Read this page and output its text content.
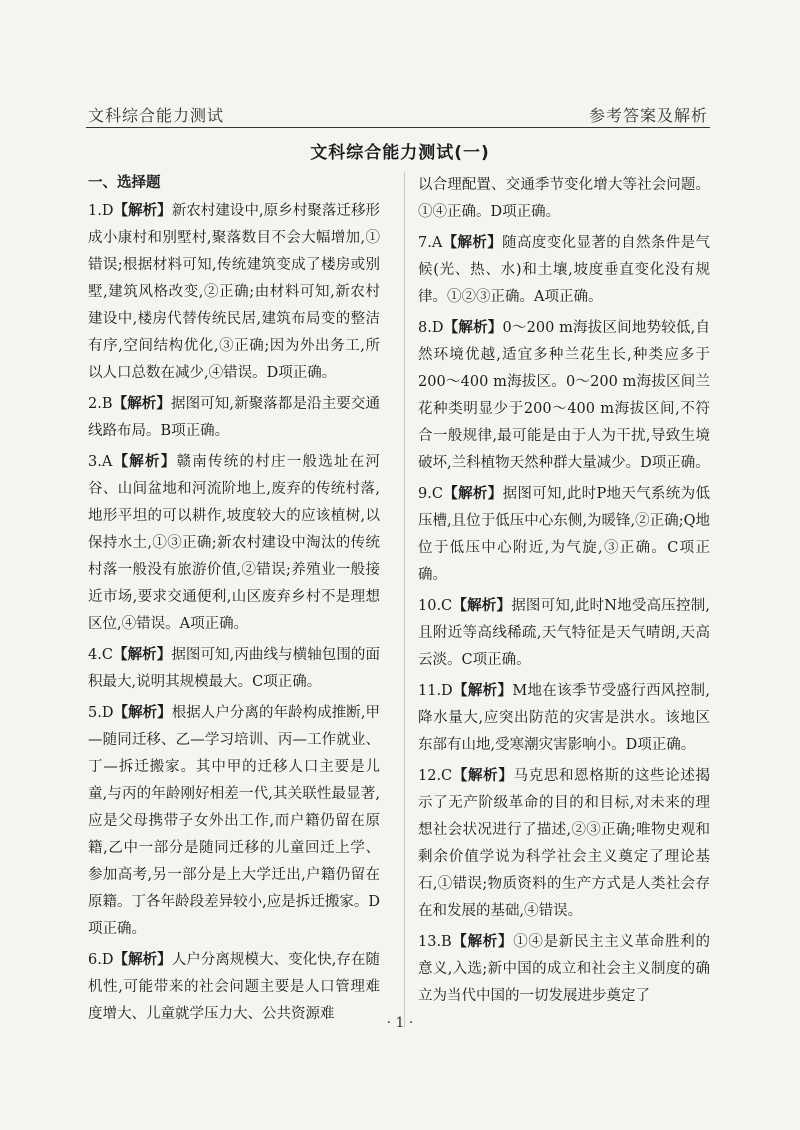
文科综合能力测试	参考答案及解析
文科综合能力测试(一)
一、选择题
1.D【解析】新农村建设中,原乡村聚落迁移形成小康村和别墅村,聚落数目不会大幅增加,①错误;根据材料可知,传统建筑变成了楼房或别墅,建筑风格改变,②正确;由材料可知,新农村建设中,楼房代替传统民居,建筑布局变的整洁有序,空间结构优化,③正确;因为外出务工,所以人口总数在减少,④错误。D项正确。
2.B【解析】据图可知,新聚落都是沿主要交通线路布局。B项正确。
3.A【解析】赣南传统的村庄一般选址在河谷、山间盆地和河流阶地上,废弃的传统村落,地形平坦的可以耕作,坡度较大的应该植树,以保持水土,①③正确;新农村建设中淘汰的传统村落一般没有旅游价值,②错误;养殖业一般接近市场,要求交通便利,山区废弃乡村不是理想区位,④错误。A项正确。
4.C【解析】据图可知,丙曲线与横轴包围的面积最大,说明其规模最大。C项正确。
5.D【解析】根据人户分离的年龄构成推断,甲—随同迁移、乙—学习培训、丙—工作就业、丁—拆迁搬家。其中甲的迁移人口主要是儿童,与丙的年龄刚好相差一代,其关联性最显著,应是父母携带子女外出工作,而户籍仍留在原籍,乙中一部分是随同迁移的儿童回迁上学、参加高考,另一部分是上大学迁出,户籍仍留在原籍。丁各年龄段差异较小,应是拆迁搬家。D项正确。
6.D【解析】人户分离规模大、变化快,存在随机性,可能带来的社会问题主要是人口管理难度增大、儿童就学压力大、公共资源难
以合理配置、交通季节变化增大等社会问题。①④正确。D项正确。
7.A【解析】随高度变化显著的自然条件是气候(光、热、水)和土壤,坡度垂直变化没有规律。①②③正确。A项正确。
8.D【解析】0～200 m海拔区间地势较低,自然环境优越,适宜多种兰花生长,种类应多于200～400 m海拔区。0～200 m海拔区间兰花种类明显少于200～400 m海拔区间,不符合一般规律,最可能是由于人为干扰,导致生境破坏,兰科植物天然种群大量减少。D项正确。
9.C【解析】据图可知,此时P地天气系统为低压槽,且位于低压中心东侧,为暖锋,②正确;Q地位于低压中心附近,为气旋,③正确。C项正确。
10.C【解析】据图可知,此时N地受高压控制,且附近等高线稀疏,天气特征是天气晴朗,天高云淡。C项正确。
11.D【解析】M地在该季节受盛行西风控制,降水量大,应突出防范的灾害是洪水。该地区东部有山地,受寒潮灾害影响小。D项正确。
12.C【解析】马克思和恩格斯的这些论述揭示了无产阶级革命的目的和目标,对未来的理想社会状况进行了描述,②③正确;唯物史观和剩余价值学说为科学社会主义奠定了理论基石,①错误;物质资料的生产方式是人类社会存在和发展的基础,④错误。
13.B【解析】①④是新民主主义革命胜利的意义,入选;新中国的成立和社会主义制度的确立为当代中国的一切发展进步奠定了
· 1 ·
